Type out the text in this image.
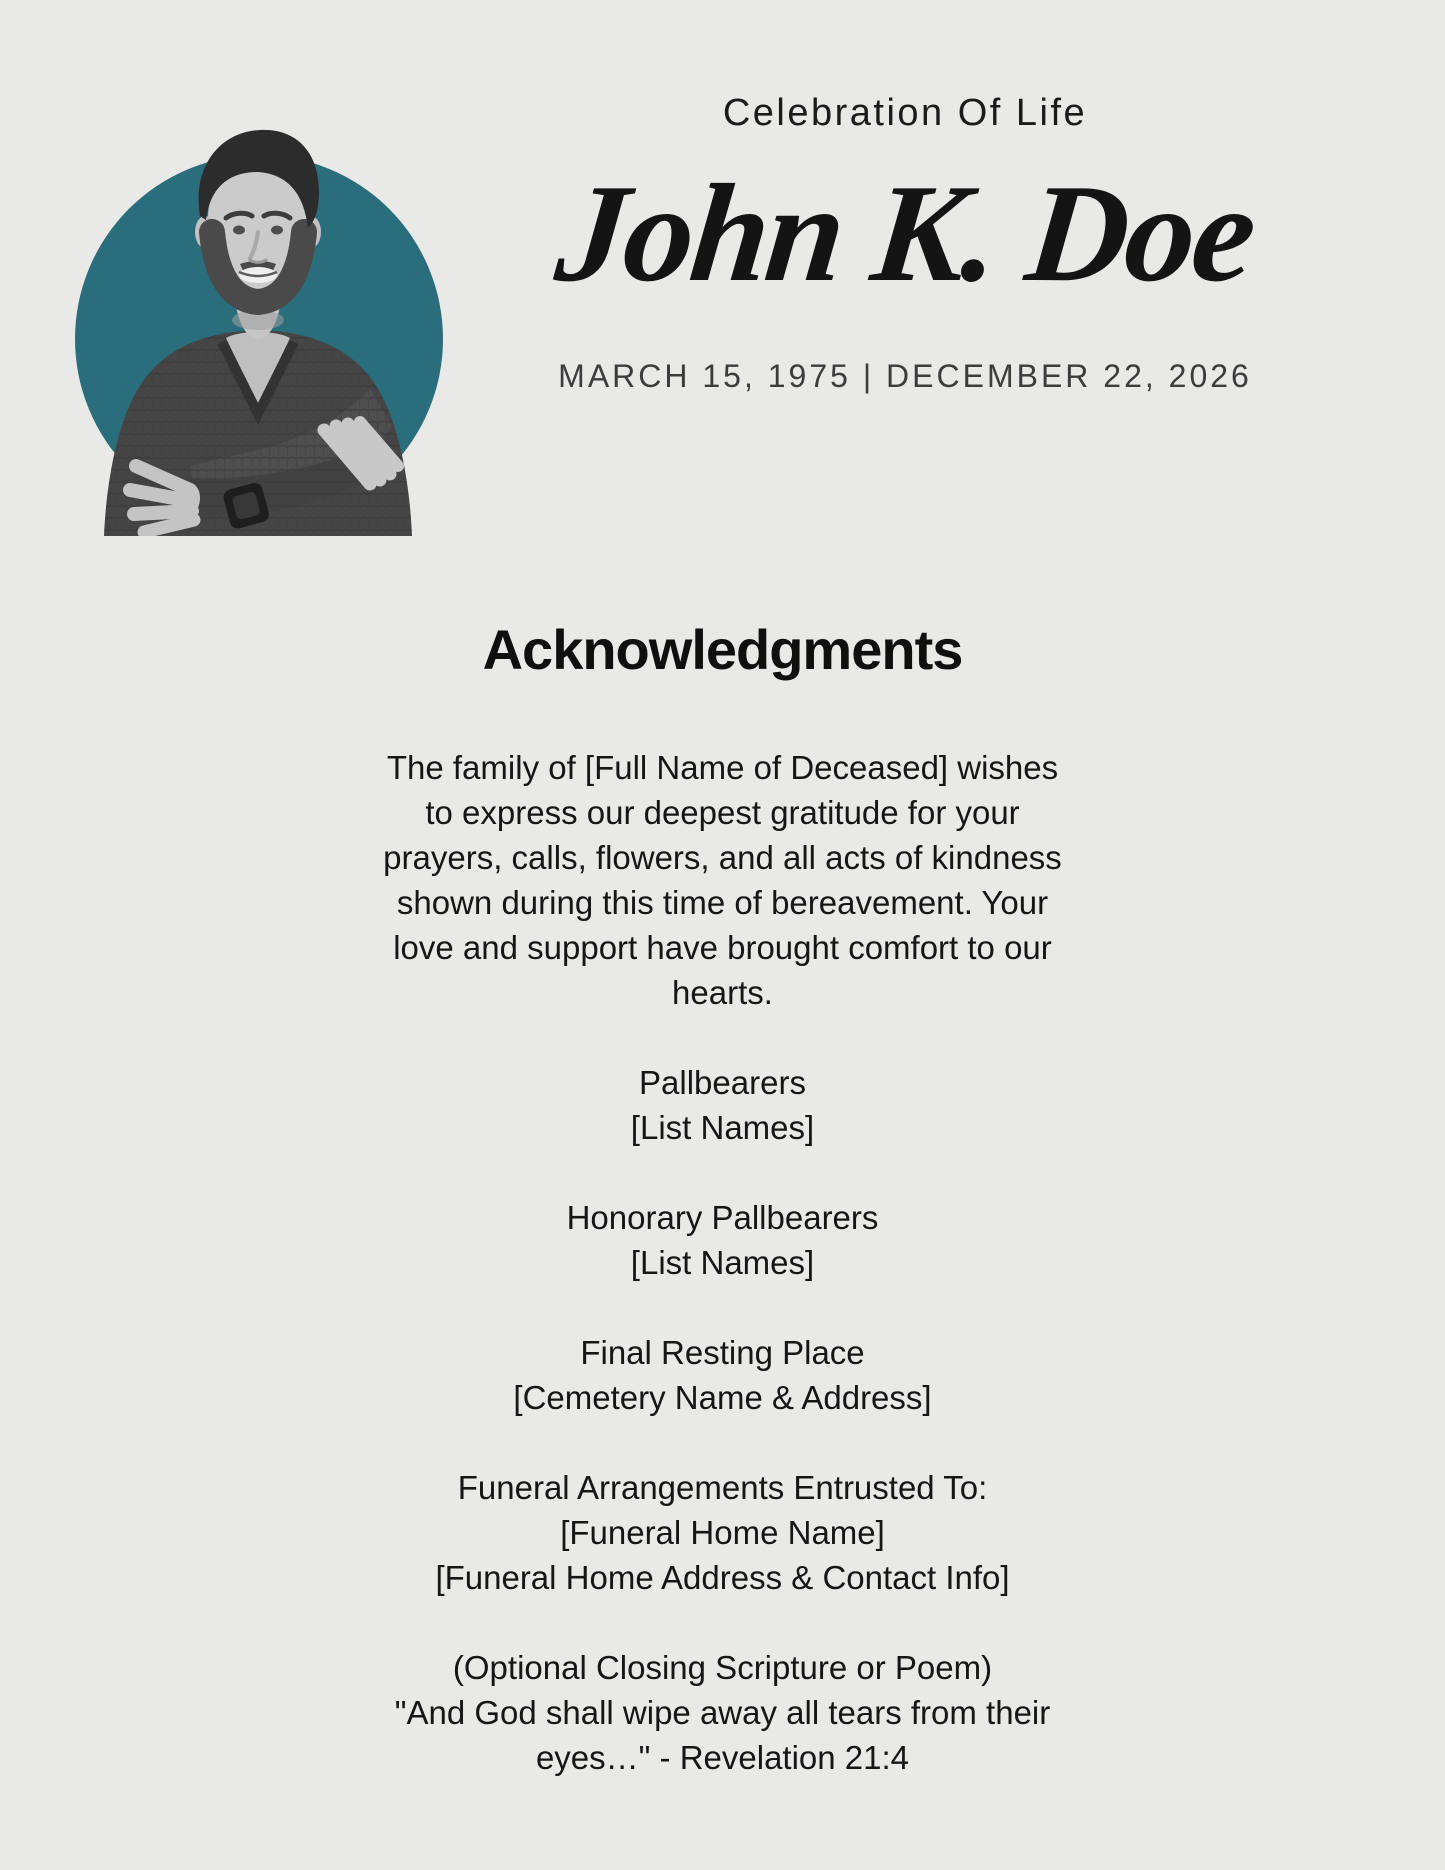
Celebration Of Life
John K. Doe
MARCH 15, 1975 | DECEMBER 22, 2026
Acknowledgments
The family of [Full Name of Deceased] wishes
to express our deepest gratitude for your
prayers, calls, flowers, and all acts of kindness
shown during this time of bereavement. Your
love and support have brought comfort to our
hearts.
Pallbearers
[List Names]
Honorary Pallbearers
[List Names]
Final Resting Place
[Cemetery Name & Address]
Funeral Arrangements Entrusted To:
[Funeral Home Name]
[Funeral Home Address & Contact Info]
(Optional Closing Scripture or Poem)
"And God shall wipe away all tears from their
eyes…" - Revelation 21:4
